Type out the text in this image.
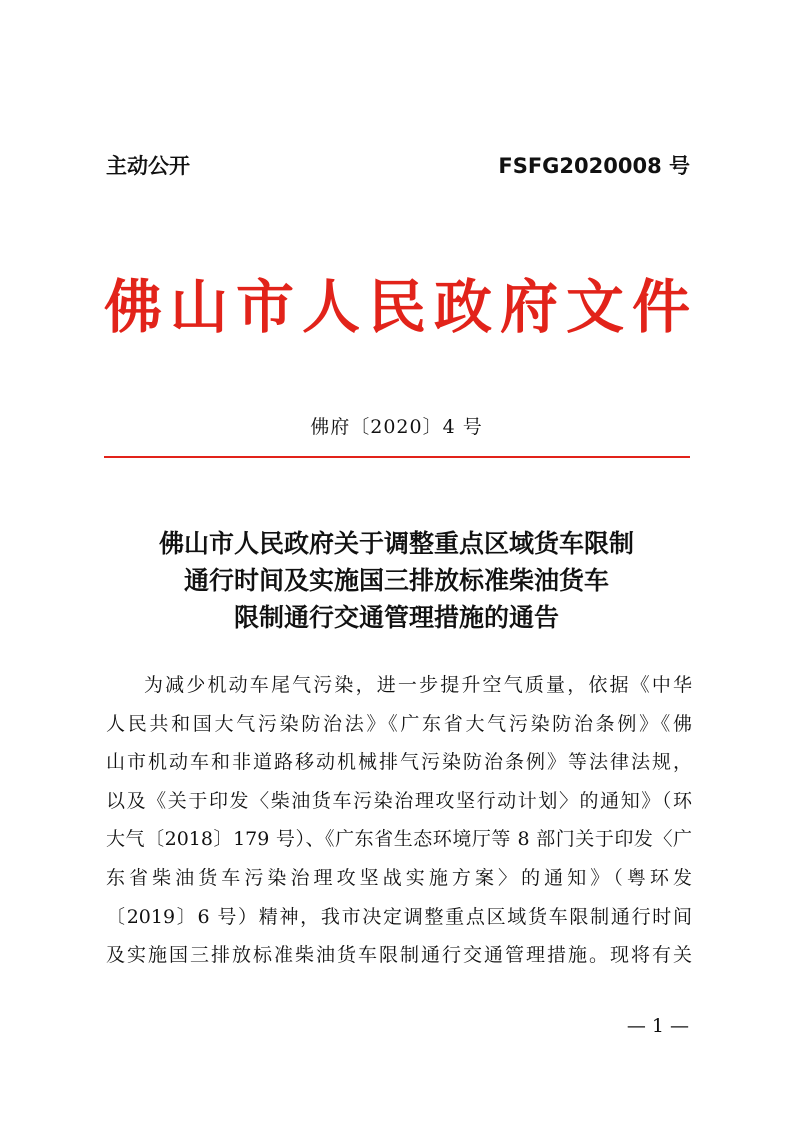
主动公开	FSFG2020008 号
佛山市人民政府文件
佛府〔2020〕4 号
佛山市人民政府关于调整重点区域货车限制
通行时间及实施国三排放标准柴油货车
限制通行交通管理措施的通告
为减少机动车尾气污染，进一步提升空气质量，依据《中华
人民共和国大气污染防治法》《广东省大气污染防治条例》《佛
山市机动车和非道路移动机械排气污染防治条例》等法律法规，
以及《关于印发〈柴油货车污染治理攻坚行动计划〉的通知》（环
大气〔2018〕179 号）、《广东省生态环境厅等 8 部门关于印发〈广
东省柴油货车污染治理攻坚战实施方案〉的通知》（粤环发
〔2019〕6 号）精神，我市决定调整重点区域货车限制通行时间
及实施国三排放标准柴油货车限制通行交通管理措施。现将有关
— 1 —
